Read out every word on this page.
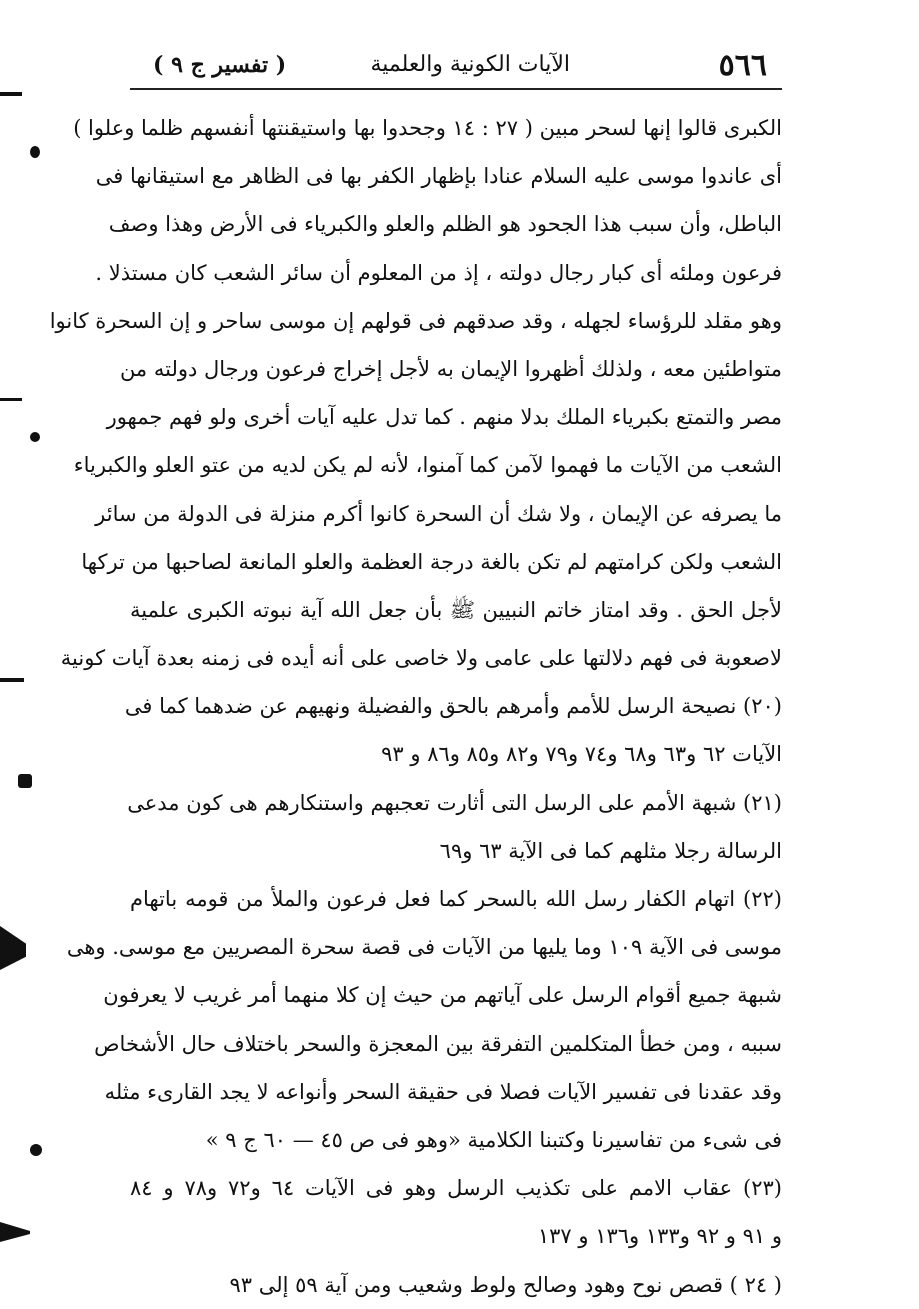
٥٦٦
الآيات الكونية والعلمية
( تفسير ج ٩ )
الكبرى قالوا إنها لسحر مبين ( ٢٧ : ١٤ وجحدوا بها واستيقنتها أنفسهم ظلما وعلوا )
أى عاندوا موسى عليه السلام عنادا بإظهار الكفر بها فى الظاهر مع استيقانها فى
الباطل، وأن سبب هذا الجحود هو الظلم والعلو والكبرياء فى الأرض وهذا وصف
فرعون وملئه أى كبار رجال دولته ، إذ من المعلوم أن سائر الشعب كان مستذلا .
وهو مقلد للرؤساء لجهله ، وقد صدقهم فى قولهم إن موسى ساحر و إن السحرة كانوا
متواطئين معه ، ولذلك أظهروا الإيمان به لأجل إخراج فرعون ورجال دولته من
مصر والتمتع بكبرياء الملك بدلا منهم . كما تدل عليه آيات أخرى ولو فهم جمهور
الشعب من الآيات ما فهموا لآمن كما آمنوا، لأنه لم يكن لديه من عتو العلو والكبرياء
ما يصرفه عن الإيمان ، ولا شك أن السحرة كانوا أكرم منزلة فى الدولة من سائر
الشعب ولكن كرامتهم لم تكن بالغة درجة العظمة والعلو المانعة لصاحبها من تركها
لأجل الحق . وقد امتاز خاتم النبيين ﷺ بأن جعل الله آية نبوته الكبرى علمية
لاصعوبة فى فهم دلالتها على عامى ولا خاصى على أنه أيده فى زمنه بعدة آيات كونية
(٢٠) نصيحة الرسل للأمم وأمرهم بالحق والفضيلة ونهيهم عن ضدهما كما فى
الآيات ٦٢ و٦٣ و٦٨ و٧٤ و٧٩ و٨٢ و٨٥ و٨٦ و ٩٣
(٢١) شبهة الأمم على الرسل التى أثارت تعجبهم واستنكارهم هى كون مدعى
الرسالة رجلا مثلهم كما فى الآية ٦٣ و٦٩
(٢٢) اتهام الكفار رسل الله بالسحر كما فعل فرعون والملأ من قومه باتهام
موسى فى الآية ١٠٩ وما يليها من الآيات فى قصة سحرة المصريين مع موسى. وهى
شبهة جميع أقوام الرسل على آياتهم من حيث إن كلا منهما أمر غريب لا يعرفون
سببه ، ومن خطأ المتكلمين التفرقة بين المعجزة والسحر باختلاف حال الأشخاص
وقد عقدنا فى تفسير الآيات فصلا فى حقيقة السحر وأنواعه لا يجد القارىء مثله
فى شىء من تفاسيرنا وكتبنا الكلامية «وهو فى ص ٤٥ — ٦٠ ج ٩ »
(٢٣) عقاب الامم على تكذيب الرسل وهو فى الآيات ٦٤ و٧٢ و٧٨ و ٨٤
و ٩١ و ٩٢ و١٣٣ و١٣٦ و ١٣٧
( ٢٤ ) قصص نوح وهود وصالح ولوط وشعيب ومن آية ٥٩ إلى ٩٣
